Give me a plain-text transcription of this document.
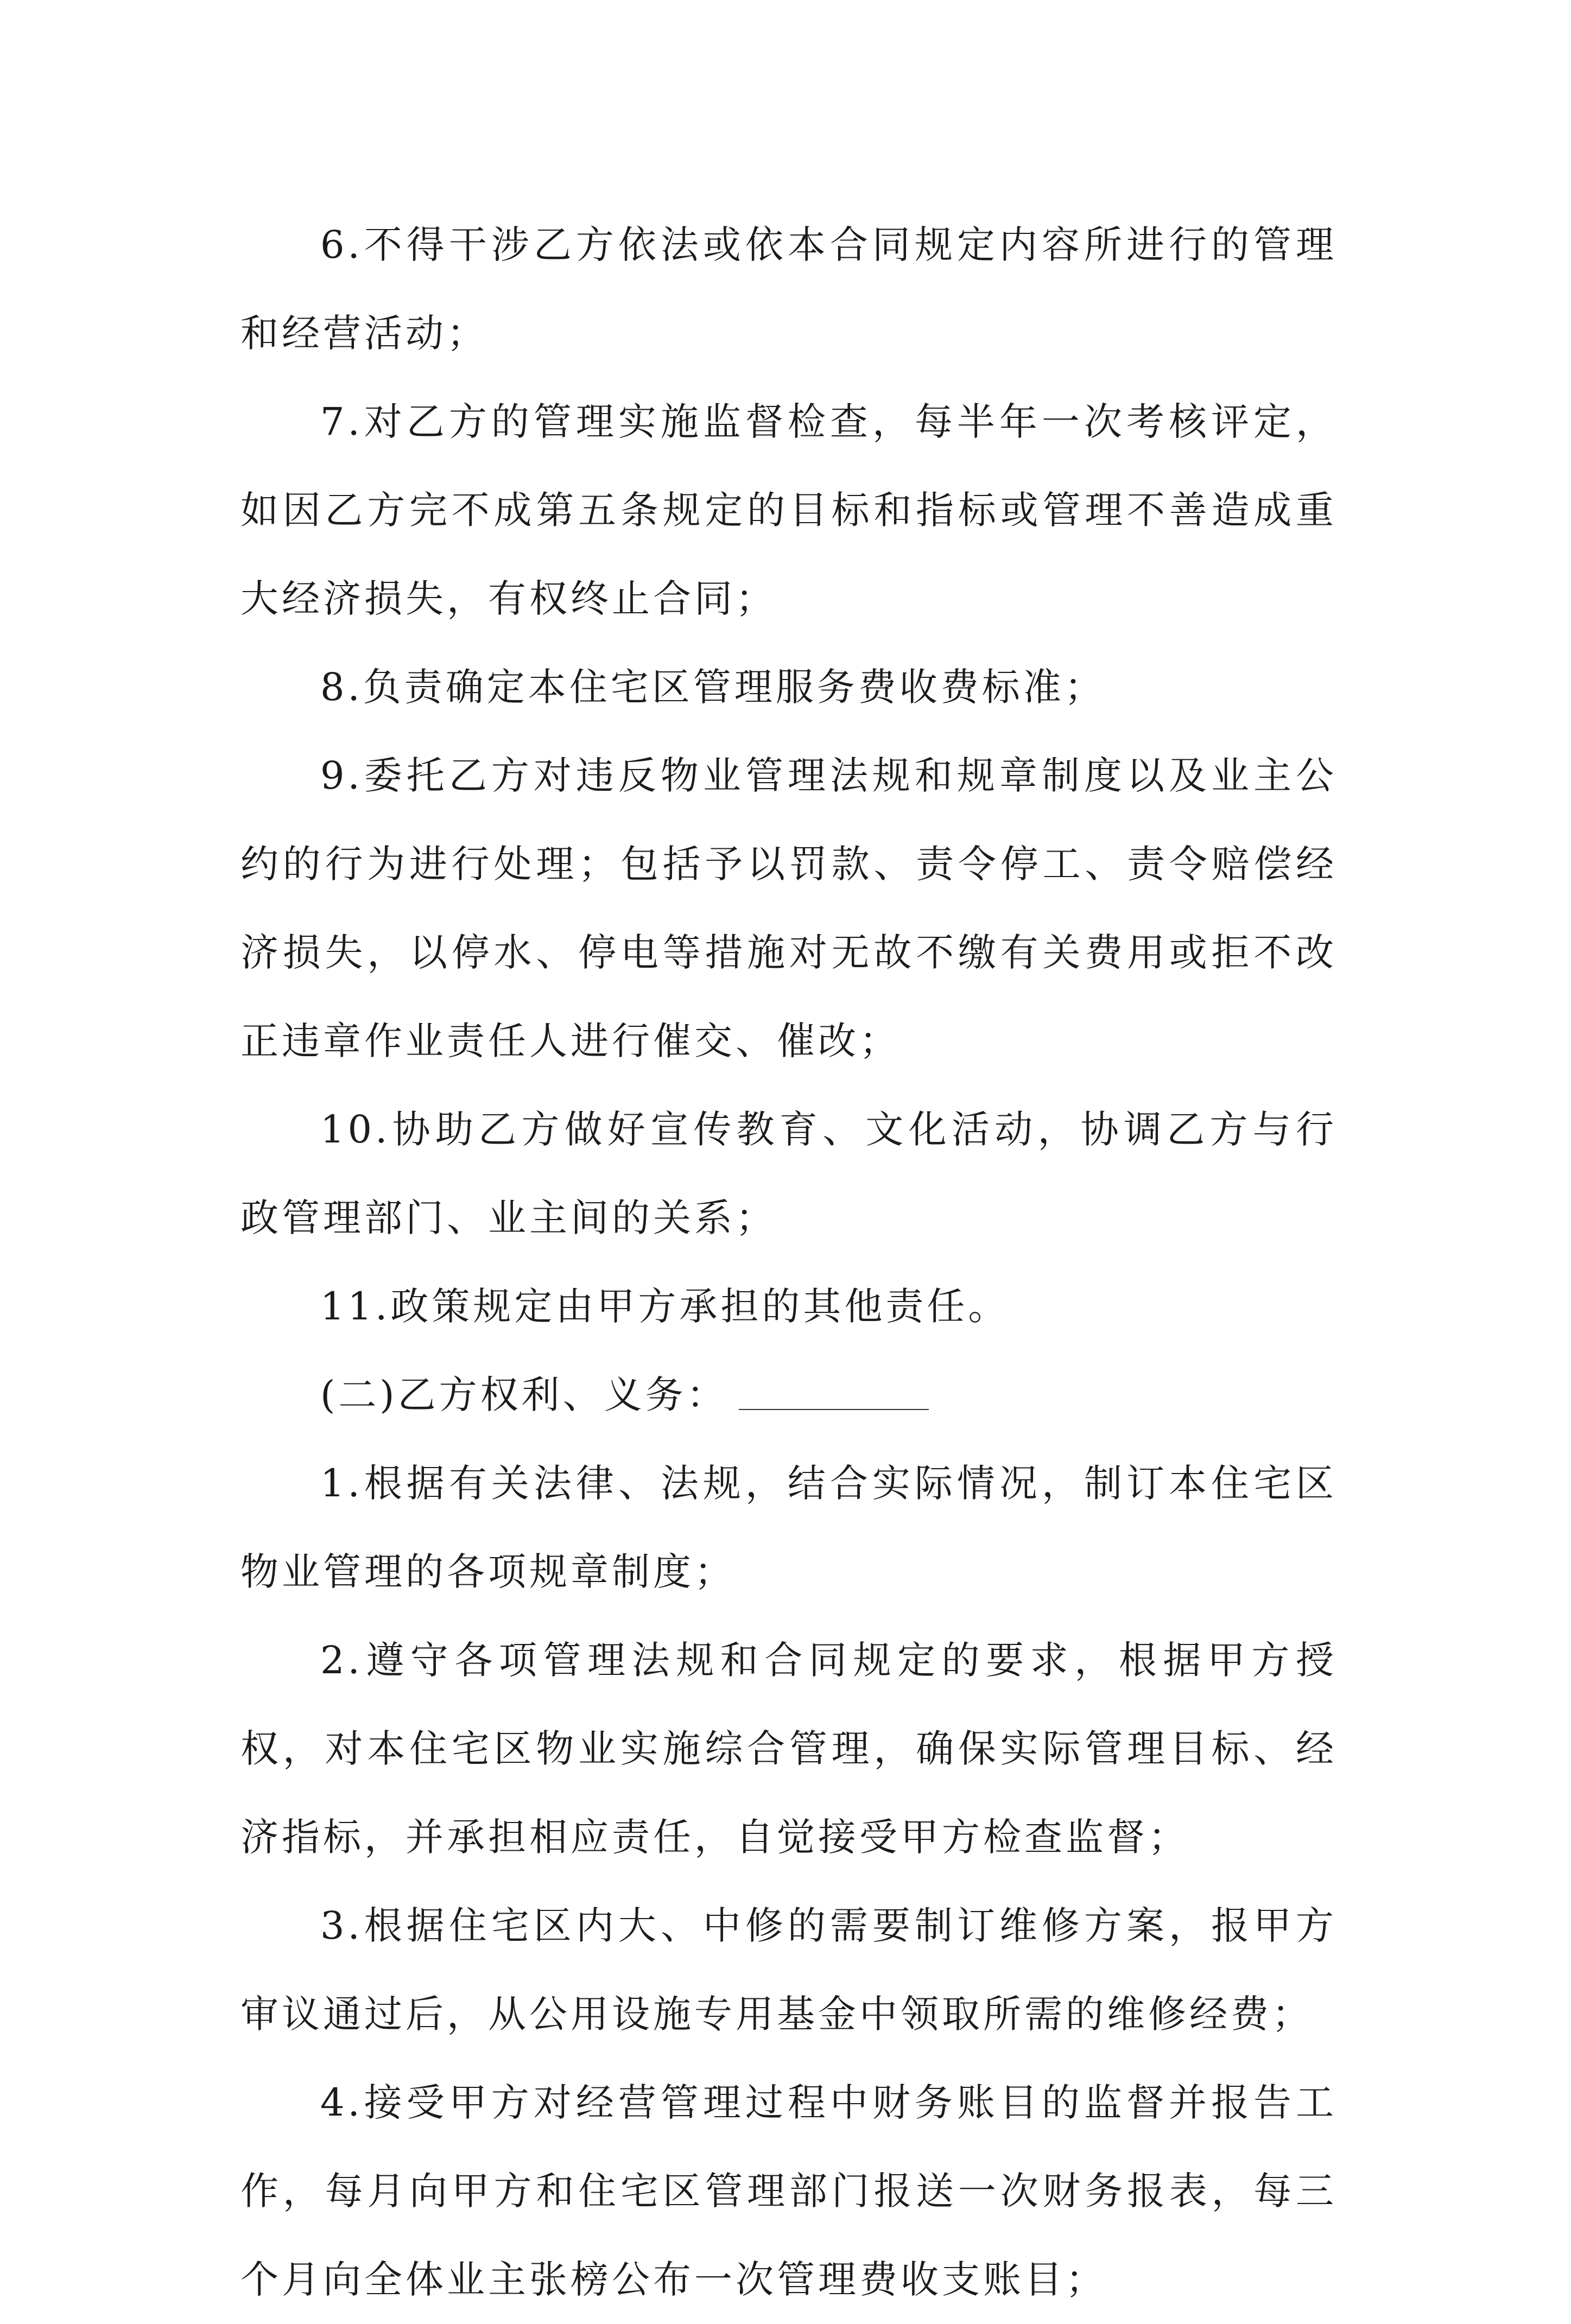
6.不得干涉乙方依法或依本合同规定内容所进行的管理和经营活动；

7.对乙方的管理实施监督检查，每半年一次考核评定，如因乙方完不成第五条规定的目标和指标或管理不善造成重大经济损失，有权终止合同；

8.负责确定本住宅区管理服务费收费标准；

9.委托乙方对违反物业管理法规和规章制度以及业主公约的行为进行处理；包括予以罚款、责令停工、责令赔偿经济损失，以停水、停电等措施对无故不缴有关费用或拒不改正违章作业责任人进行催交、催改；

10.协助乙方做好宣传教育、文化活动，协调乙方与行政管理部门、业主间的关系；

11.政策规定由甲方承担的其他责任。

(二)乙方权利、义务：

1.根据有关法律、法规，结合实际情况，制订本住宅区物业管理的各项规章制度；

2.遵守各项管理法规和合同规定的要求，根据甲方授权，对本住宅区物业实施综合管理，确保实际管理目标、经济指标，并承担相应责任，自觉接受甲方检查监督；

3.根据住宅区内大、中修的需要制订维修方案，报甲方审议通过后，从公用设施专用基金中领取所需的维修经费；

4.接受甲方对经营管理过程中财务账目的监督并报告工作，每月向甲方和住宅区管理部门报送一次财务报表，每三个月向全体业主张榜公布一次管理费收支账目；
